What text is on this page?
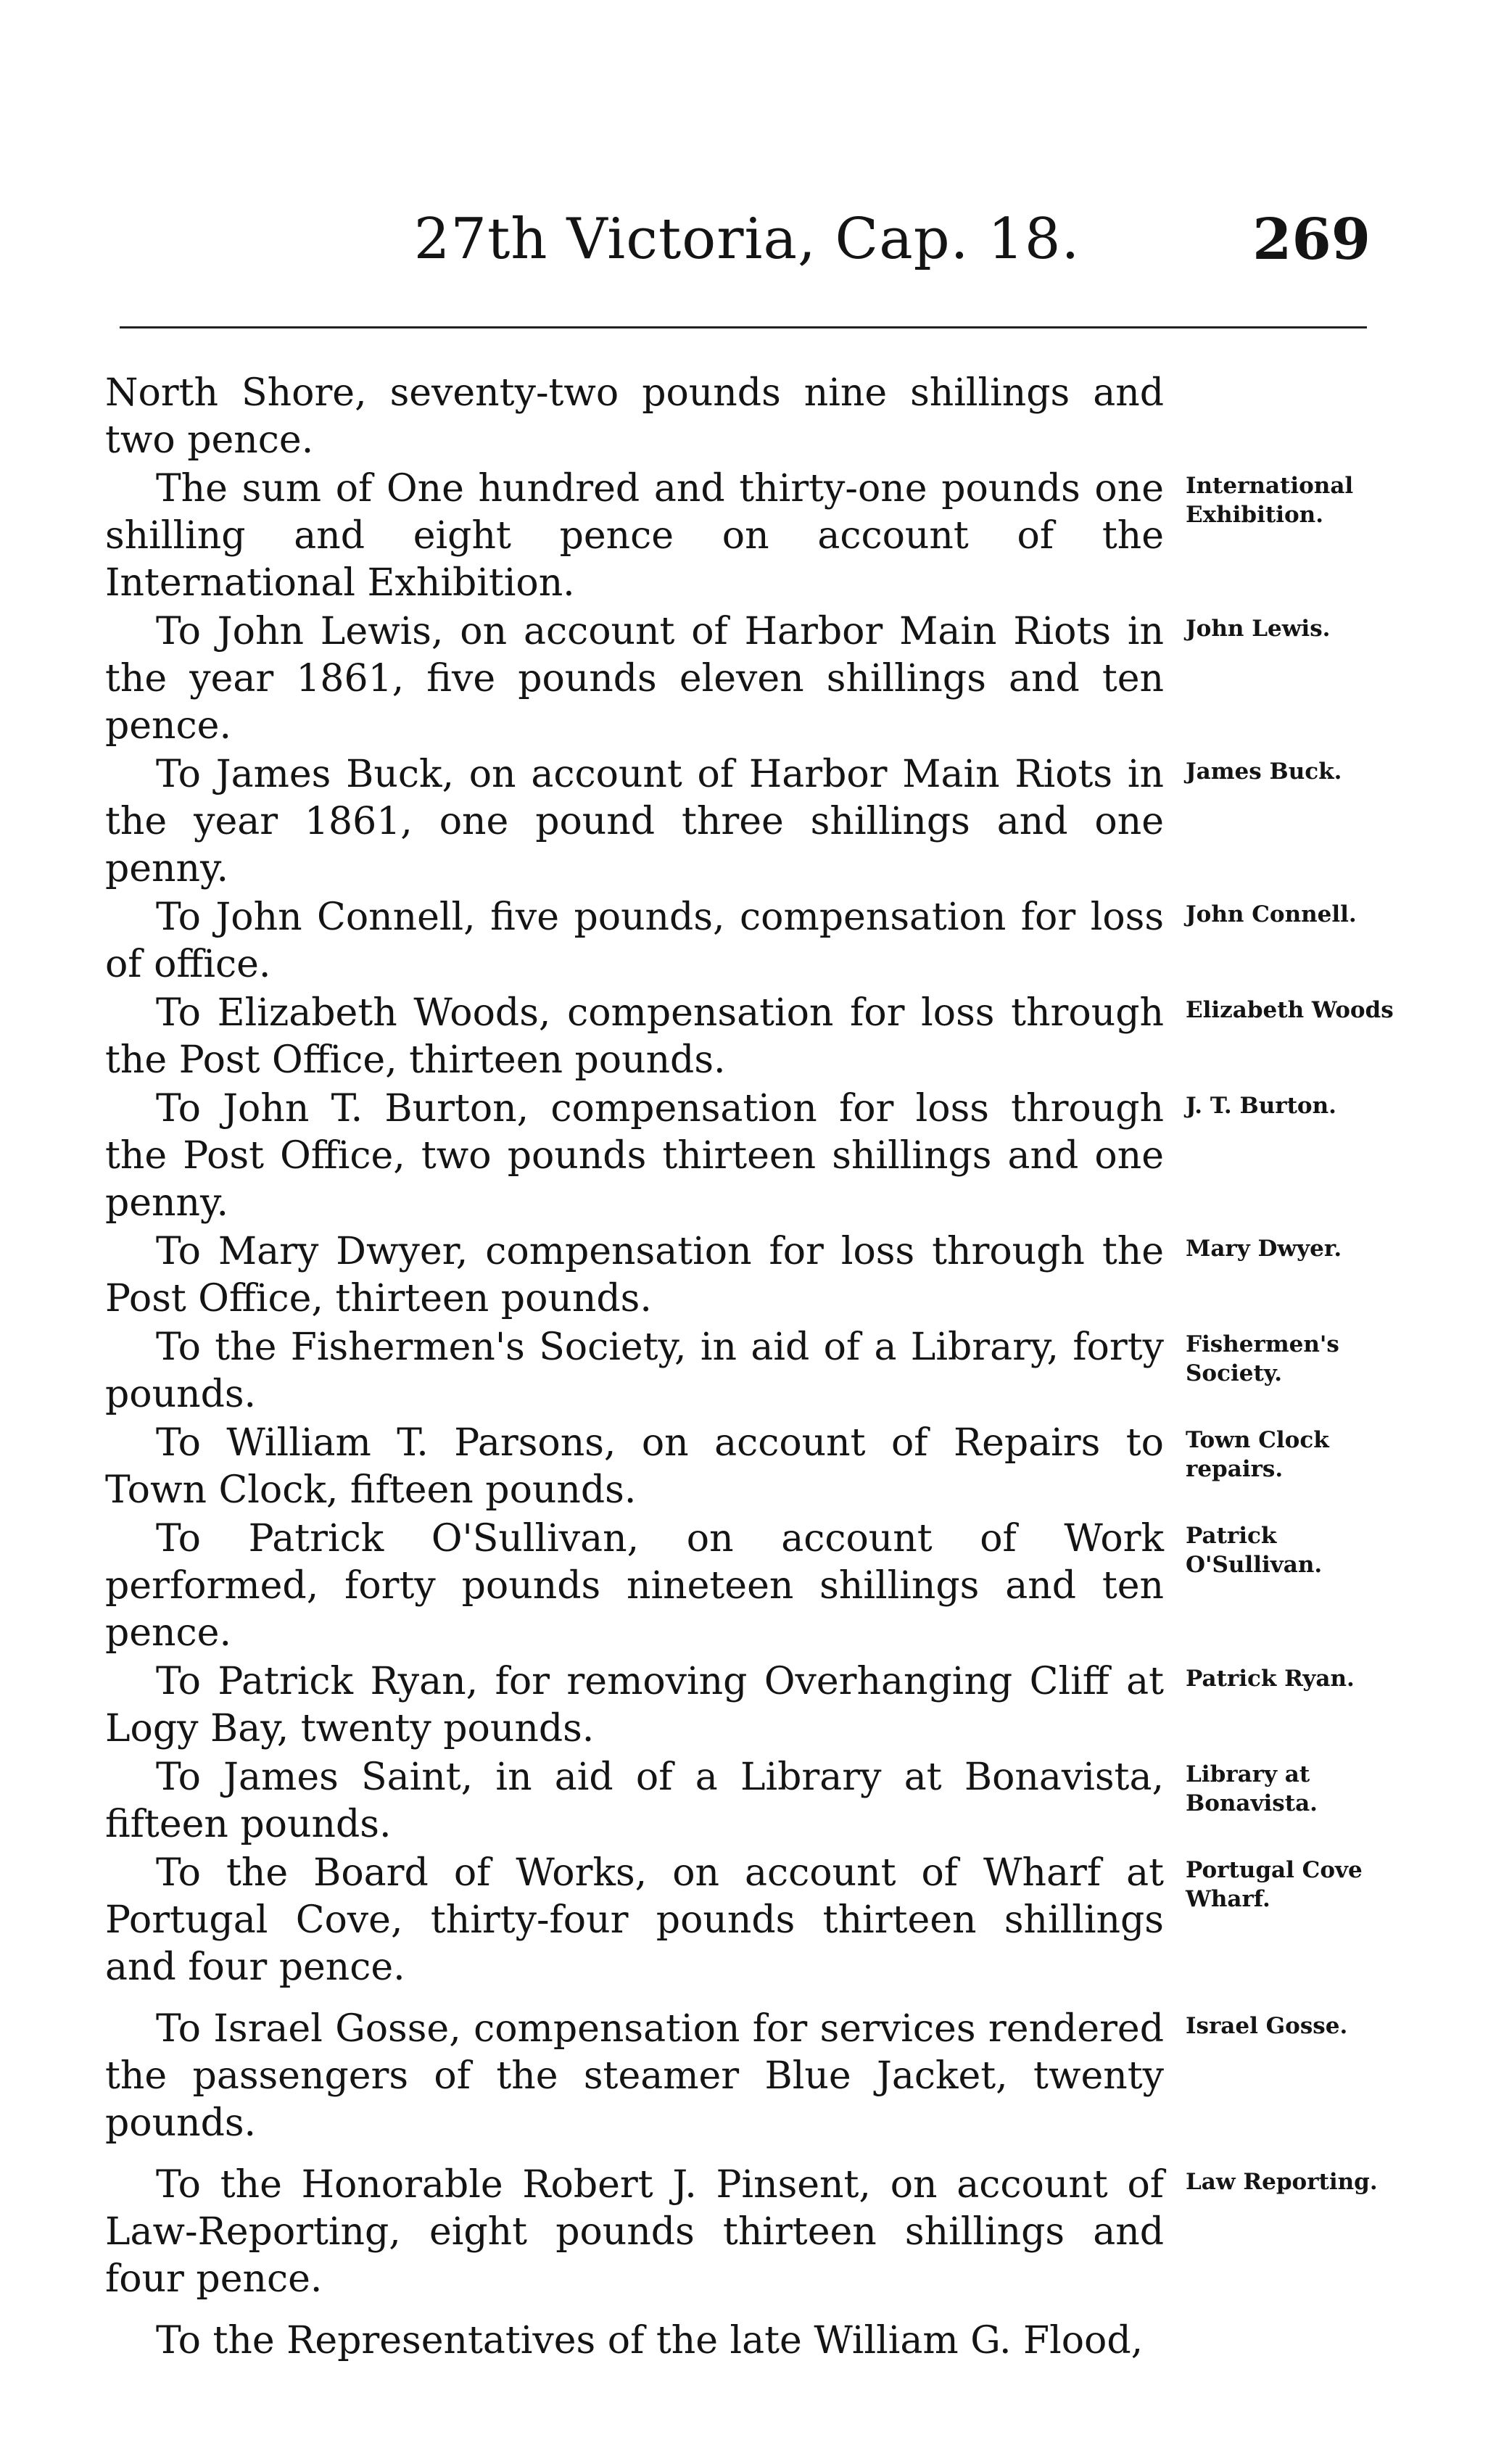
27th Victoria, Cap. 18.	269
North Shore, seventy-two pounds nine shillings and two pence.
The sum of One hundred and thirty-one pounds one shilling and eight pence on account of the International Exhibition.
International Exhibition.
To John Lewis, on account of Harbor Main Riots in the year 1861, five pounds eleven shillings and ten pence.
John Lewis.
To James Buck, on account of Harbor Main Riots in the year 1861, one pound three shillings and one penny.
James Buck.
To John Connell, five pounds, compensation for loss of office.
John Connell.
To Elizabeth Woods, compensation for loss through the Post Office, thirteen pounds.
Elizabeth Woods
To John T. Burton, compensation for loss through the Post Office, two pounds thirteen shillings and one penny.
J. T. Burton.
To Mary Dwyer, compensation for loss through the Post Office, thirteen pounds.
Mary Dwyer.
To the Fishermen's Society, in aid of a Library, forty pounds.
Fishermen's Society.
To William T. Parsons, on account of Repairs to Town Clock, fifteen pounds.
Town Clock repairs.
To Patrick O'Sullivan, on account of Work performed, forty pounds nineteen shillings and ten pence.
Patrick O'Sullivan.
To Patrick Ryan, for removing Overhanging Cliff at Logy Bay, twenty pounds.
Patrick Ryan.
To James Saint, in aid of a Library at Bonavista, fifteen pounds.
Library at Bonavista.
To the Board of Works, on account of Wharf at Portugal Cove, thirty-four pounds thirteen shillings and four pence.
Portugal Cove Wharf.
To Israel Gosse, compensation for services rendered the passengers of the steamer Blue Jacket, twenty pounds.
Israel Gosse.
To the Honorable Robert J. Pinsent, on account of Law-Reporting, eight pounds thirteen shillings and four pence.
Law Reporting.
To the Representatives of the late William G. Flood,
